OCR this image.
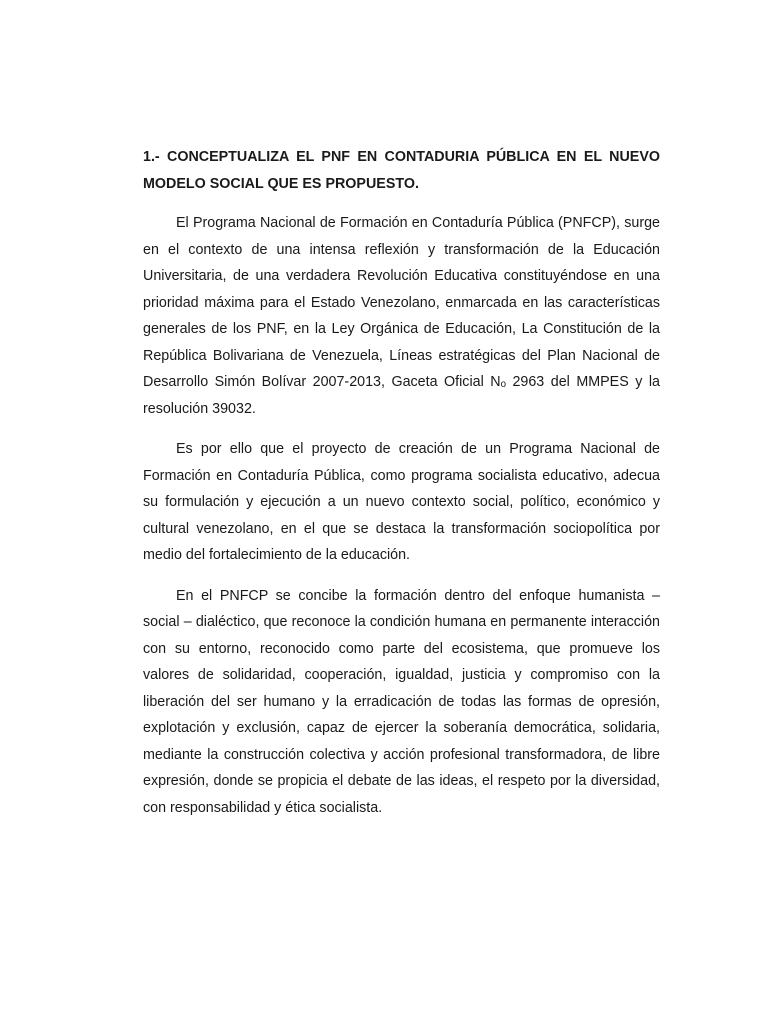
1.- CONCEPTUALIZA EL PNF EN CONTADURIA PÚBLICA EN EL NUEVO MODELO SOCIAL QUE ES PROPUESTO.

El Programa Nacional de Formación en Contaduría Pública (PNFCP), surge en el contexto de una intensa reflexión y transformación de la Educación Universitaria, de una verdadera Revolución Educativa constituyéndose en una prioridad máxima para el Estado Venezolano, enmarcada en las características generales de los PNF, en la Ley Orgánica de Educación, La Constitución de la República Bolivariana de Venezuela, Líneas estratégicas del Plan Nacional de Desarrollo Simón Bolívar 2007-2013, Gaceta Oficial Nₒ 2963 del MMPES y la resolución 39032.

Es por ello que el proyecto de creación de un Programa Nacional de Formación en Contaduría Pública, como programa socialista educativo, adecua su formulación y ejecución a un nuevo contexto social, político, económico y cultural venezolano, en el que se destaca la transformación sociopolítica por medio del fortalecimiento de la educación.

En el PNFCP se concibe la formación dentro del enfoque humanista – social – dialéctico, que reconoce la condición humana en permanente interacción con su entorno, reconocido como parte del ecosistema, que promueve los valores de solidaridad, cooperación, igualdad, justicia y compromiso con la liberación del ser humano y la erradicación de todas las formas de opresión, explotación y exclusión, capaz de ejercer la soberanía democrática, solidaria, mediante la construcción colectiva y acción profesional transformadora, de libre expresión, donde se propicia el debate de las ideas, el respeto por la diversidad, con responsabilidad y ética socialista.
